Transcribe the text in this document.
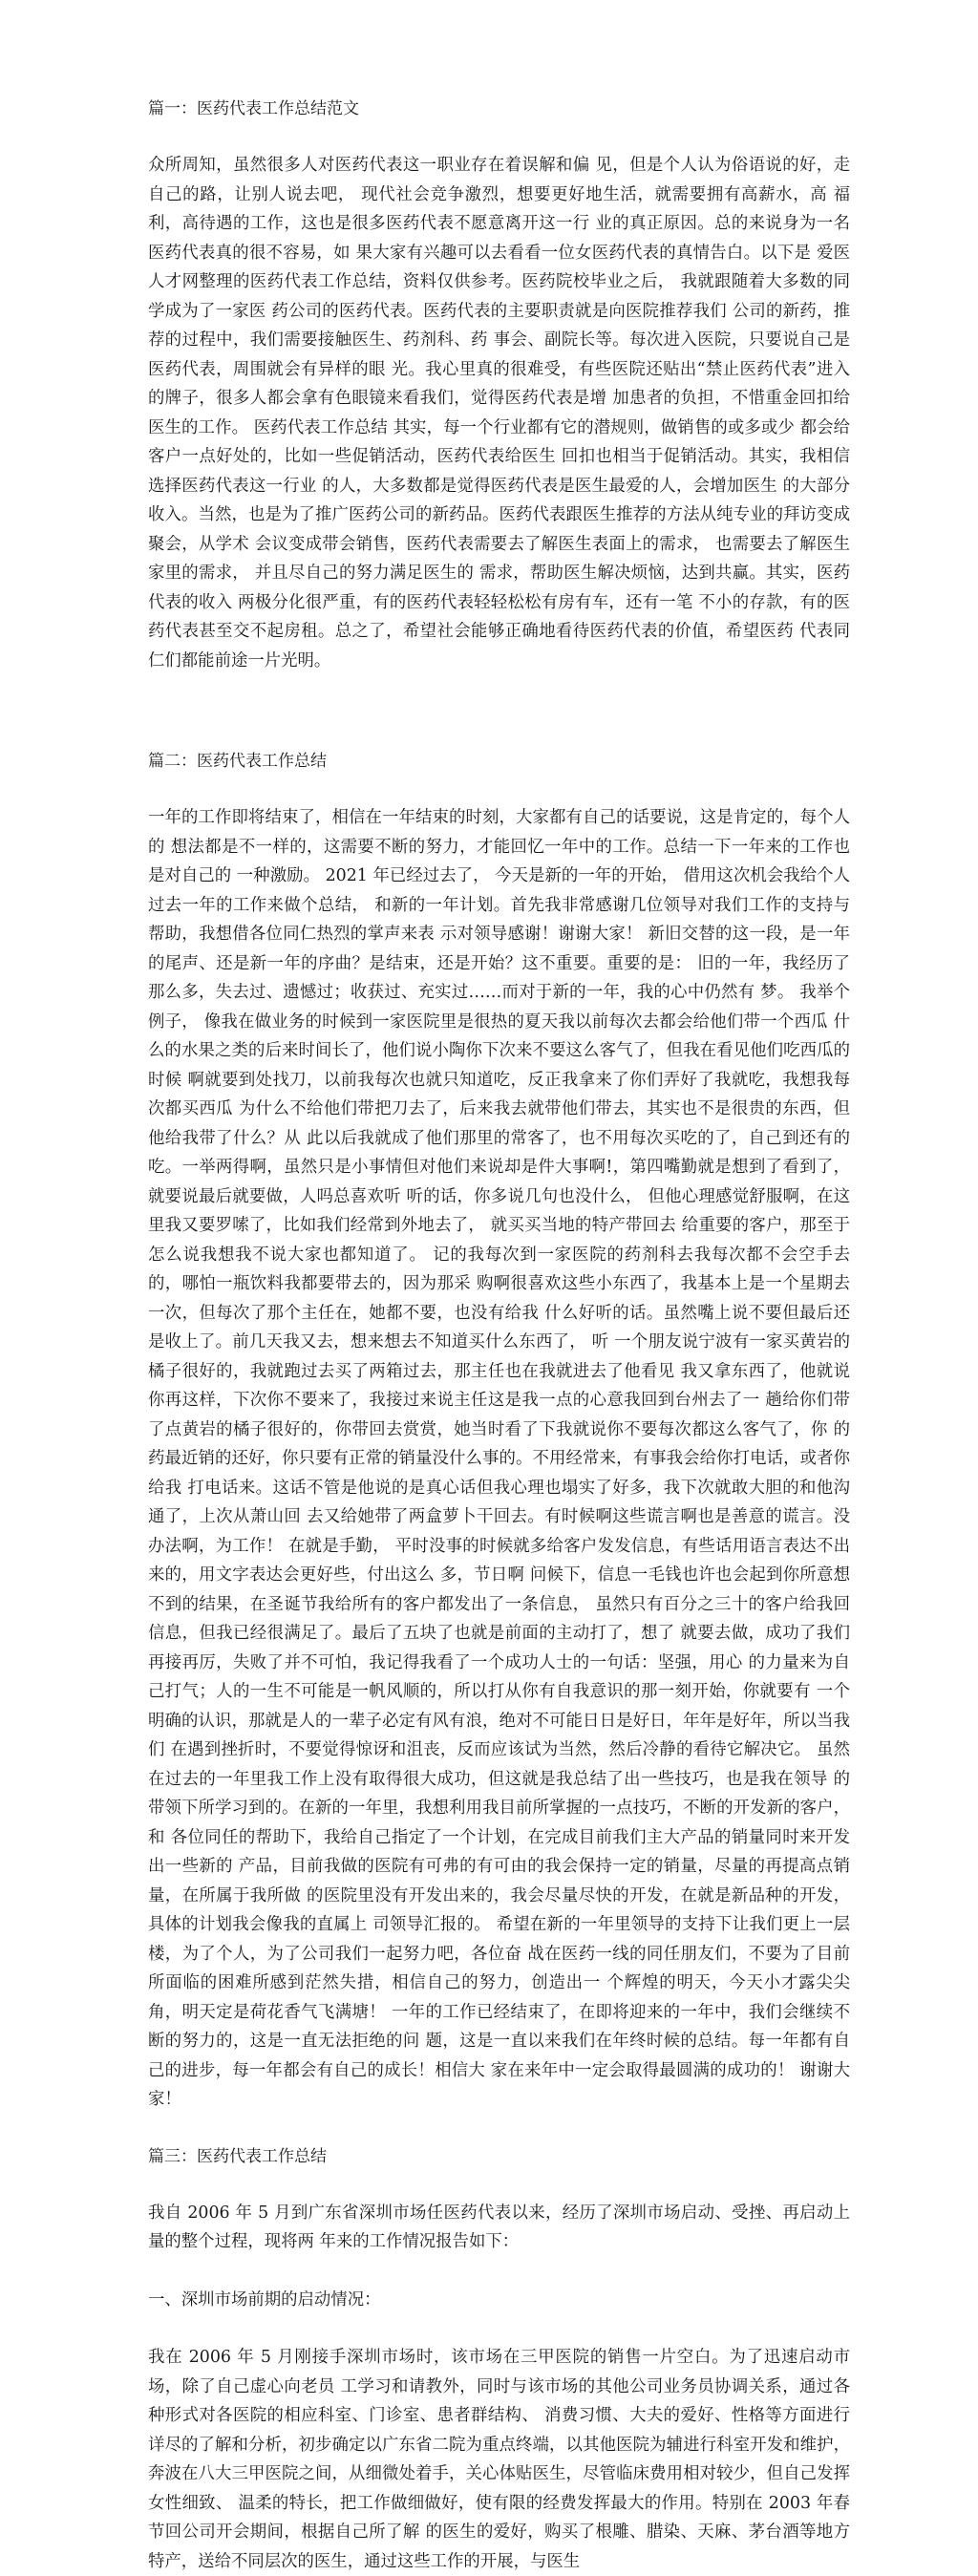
篇一：医药代表工作总结范文

众所周知，虽然很多人对医药代表这一职业存在着误解和偏 见，但是个人认为俗语说的好，走自己的路，让别人说去吧， 现代社会竞争激烈，想要更好地生活，就需要拥有高薪水，高 福利，高待遇的工作，这也是很多医药代表不愿意离开这一行 业的真正原因。总的来说身为一名医药代表真的很不容易，如 果大家有兴趣可以去看看一位女医药代表的真情告白。以下是 爱医人才网整理的医药代表工作总结，资料仅供参考。医药院校毕业之后， 我就跟随着大多数的同学成为了一家医 药公司的医药代表。医药代表的主要职责就是向医院推荐我们 公司的新药，推荐的过程中，我们需要接触医生、药剂科、药 事会、副院长等。每次进入医院，只要说自己是医药代表，周围就会有异样的眼 光。我心里真的很难受，有些医院还贴出“禁止医药代表”进入 的牌子，很多人都会拿有色眼镜来看我们，觉得医药代表是增 加患者的负担，不惜重金回扣给医生的工作。 医药代表工作总结 其实，每一个行业都有它的潜规则，做销售的或多或少 都会给客户一点好处的，比如一些促销活动，医药代表给医生 回扣也相当于促销活动。其实，我相信选择医药代表这一行业 的人，大多数都是觉得医药代表是医生最爱的人，会增加医生 的大部分收入。当然，也是为了推广医药公司的新药品。医药代表跟医生推荐的方法从纯专业的拜访变成聚会，从学术 会议变成带会销售，医药代表需要去了解医生表面上的需求， 也需要去了解医生家里的需求， 并且尽自己的努力满足医生的 需求，帮助医生解决烦恼，达到共赢。其实，医药代表的收入 两极分化很严重，有的医药代表轻轻松松有房有车，还有一笔 不小的存款，有的医药代表甚至交不起房租。总之了，希望社会能够正确地看待医药代表的价值，希望医药 代表同仁们都能前途一片光明。

篇二：医药代表工作总结

一年的工作即将结束了，相信在一年结束的时刻，大家都有自己的话要说，这是肯定的，每个人的 想法都是不一样的，这需要不断的努力，才能回忆一年中的工作。总结一下一年来的工作也是对自己的 一种激励。 2021 年已经过去了， 今天是新的一年的开始， 借用这次机会我给个人过去一年的工作来做个总结， 和新的一年计划。首先我非常感谢几位领导对我们工作的支持与帮助，我想借各位同仁热烈的掌声来表 示对领导感谢！谢谢大家！ 新旧交替的这一段，是一年的尾声、还是新一年的序曲？是结束，还是开始？这不重要。重要的是： 旧的一年，我经历了那么多，失去过、遗憾过；收获过、充实过……而对于新的一年，我的心中仍然有 梦。 我举个例子， 像我在做业务的时候到一家医院里是很热的夏天我以前每次去都会给他们带一个西瓜 什么的水果之类的后来时间长了，他们说小陶你下次来不要这么客气了，但我在看见他们吃西瓜的时候 啊就要到处找刀，以前我每次也就只知道吃，反正我拿来了你们弄好了我就吃，我想我每次都买西瓜 为什么不给他们带把刀去了，后来我去就带他们带去，其实也不是很贵的东西，但他给我带了什么？从 此以后我就成了他们那里的常客了，也不用每次买吃的了，自己到还有的吃。一举两得啊，虽然只是小事情但对他们来说却是件大事啊!，第四嘴勤就是想到了看到了，就要说最后就要做，人吗总喜欢听 听的话，你多说几句也没什么， 但他心理感觉舒服啊，在这里我又要罗嗦了，比如我们经常到外地去了， 就买买当地的特产带回去 给重要的客户，那至于怎么说我想我不说大家也都知道了。 记的我每次到一家医院的药剂科去我每次都不会空手去的，哪怕一瓶饮料我都要带去的，因为那采 购啊很喜欢这些小东西了，我基本上是一个星期去一次，但每次了那个主任在，她都不要，也没有给我 什么好听的话。虽然嘴上说不要但最后还是收上了。前几天我又去，想来想去不知道买什么东西了， 听 一个朋友说宁波有一家买黄岩的橘子很好的，我就跑过去买了两箱过去，那主任也在我就进去了他看见 我又拿东西了，他就说你再这样，下次你不要来了，我接过来说主任这是我一点的心意我回到台州去了一 趟给你们带了点黄岩的橘子很好的，你带回去赏赏，她当时看了下我就说你不要每次都这么客气了，你 的药最近销的还好，你只要有正常的销量没什么事的。不用经常来，有事我会给你打电话，或者你给我 打电话来。这话不管是他说的是真心话但我心理也塌实了好多，我下次就敢大胆的和他沟通了，上次从萧山回 去又给她带了两盒萝卜干回去。有时候啊这些谎言啊也是善意的谎言。没办法啊，为工作！ 在就是手勤， 平时没事的时候就多给客户发发信息，有些话用语言表达不出来的，用文字表达会更好些，付出这么 多，节日啊 问候下，信息一毛钱也许也会起到你所意想不到的结果，在圣诞节我给所有的客户都发出了一条信息， 虽然只有百分之三十的客户给我回信息，但我已经很满足了。最后了五块了也就是前面的主动打了，想了 就要去做，成功了我们再接再厉，失败了并不可怕，我记得我看了一个成功人士的一句话：坚强，用心 的力量来为自己打气；人的一生不可能是一帆风顺的，所以打从你有自我意识的那一刻开始，你就要有 一个明确的认识，那就是人的一辈子必定有风有浪，绝对不可能日日是好日，年年是好年，所以当我们 在遇到挫折时，不要觉得惊讶和沮丧，反而应该试为当然，然后冷静的看待它解决它。 虽然在过去的一年里我工作上没有取得很大成功，但这就是我总结了出一些技巧，也是我在领导 的带领下所学习到的。在新的一年里，我想利用我目前所掌握的一点技巧，不断的开发新的客户，和 各位同任的帮助下，我给自己指定了一个计划，在完成目前我们主大产品的销量同时来开发出一些新的 产品，目前我做的医院有可弗的有可由的我会保持一定的销量，尽量的再提高点销量，在所属于我所做 的医院里没有开发出来的，我会尽量尽快的开发，在就是新品种的开发，具体的计划我会像我的直属上 司领导汇报的。 希望在新的一年里领导的支持下让我们更上一层楼，为了个人，为了公司我们一起努力吧，各位奋 战在医药一线的同任朋友们，不要为了目前所面临的困难所感到茫然失措，相信自己的努力，创造出一 个辉煌的明天，今天小才露尖尖角，明天定是荷花香气飞满塘！ 一年的工作已经结束了，在即将迎来的一年中，我们会继续不断的努力的，这是一直无法拒绝的问 题，这是一直以来我们在年终时候的总结。每一年都有自己的进步，每一年都会有自己的成长！相信大 家在来年中一定会取得最圆满的成功的！ 谢谢大家！

篇三：医药代表工作总结

我自 2006 年 5 月到广东省深圳市场任医药代表以来，经历了深圳市场启动、受挫、再启动上量的整个过程，现将两 年来的工作情况报告如下：

一、深圳市场前期的启动情况：

我在 2006 年 5 月刚接手深圳市场时，该市场在三甲医院的销售一片空白。为了迅速启动市场，除了自己虚心向老员 工学习和请教外，同时与该市场的其他公司业务员协调关系，通过各种形式对各医院的相应科室、门诊室、患者群结构、 消费习惯、大夫的爱好、性格等方面进行详尽的了解和分析，初步确定以广东省二院为重点终端，以其他医院为辅进行科室开发和维护，奔波在八大三甲医院之间，从细微处着手，关心体贴医生，尽管临床费用相对较少，但自己发挥女性细致、 温柔的特长，把工作做细做好，使有限的经费发挥最大的作用。特别在 2003 年春节回公司开会期间，根据自己所了解 的医生的爱好，购买了根雕、腊染、天麻、茅台酒等地方特产，送给不同层次的医生，通过这些工作的开展，与医生
